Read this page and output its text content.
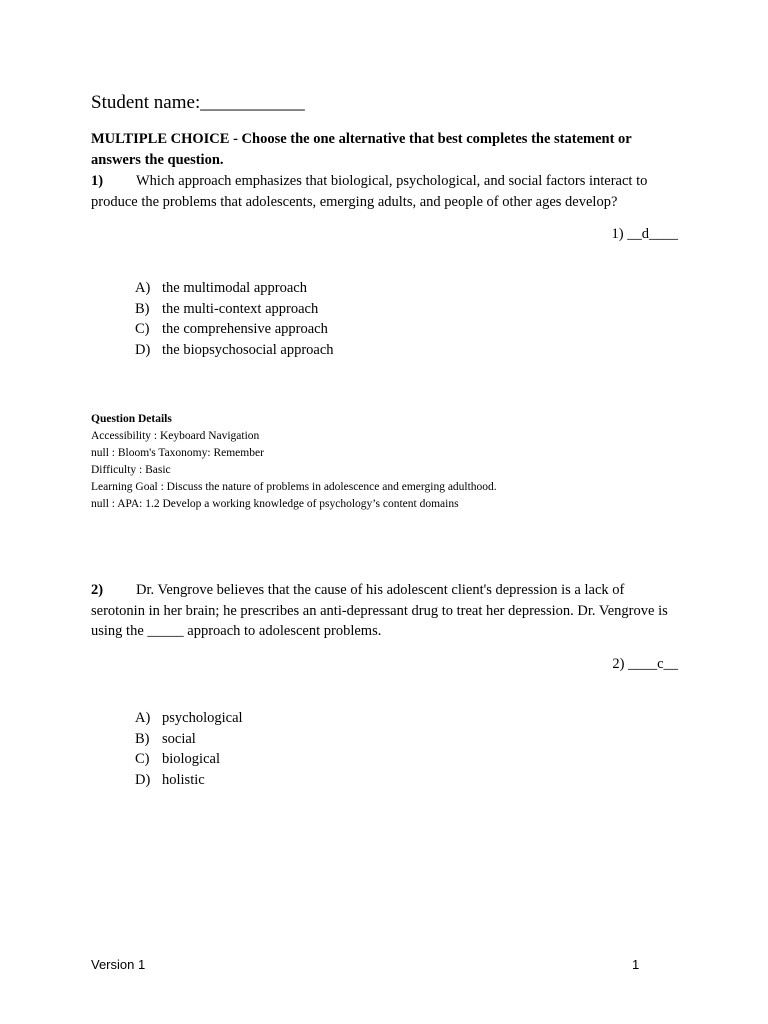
Student name:___________
MULTIPLE CHOICE - Choose the one alternative that best completes the statement or answers the question.
1) Which approach emphasizes that biological, psychological, and social factors interact to produce the problems that adolescents, emerging adults, and people of other ages develop?
1) __d____
A) the multimodal approach
B) the multi-context approach
C) the comprehensive approach
D) the biopsychosocial approach
Question Details
Accessibility : Keyboard Navigation
null : Bloom's Taxonomy: Remember
Difficulty : Basic
Learning Goal : Discuss the nature of problems in adolescence and emerging adulthood.
null : APA: 1.2 Develop a working knowledge of psychology’s content domains
2) Dr. Vengrove believes that the cause of his adolescent client's depression is a lack of serotonin in her brain; he prescribes an anti-depressant drug to treat her depression. Dr. Vengrove is using the _____ approach to adolescent problems.
2) ____c__
A) psychological
B) social
C) biological
D) holistic
Version 1	1
